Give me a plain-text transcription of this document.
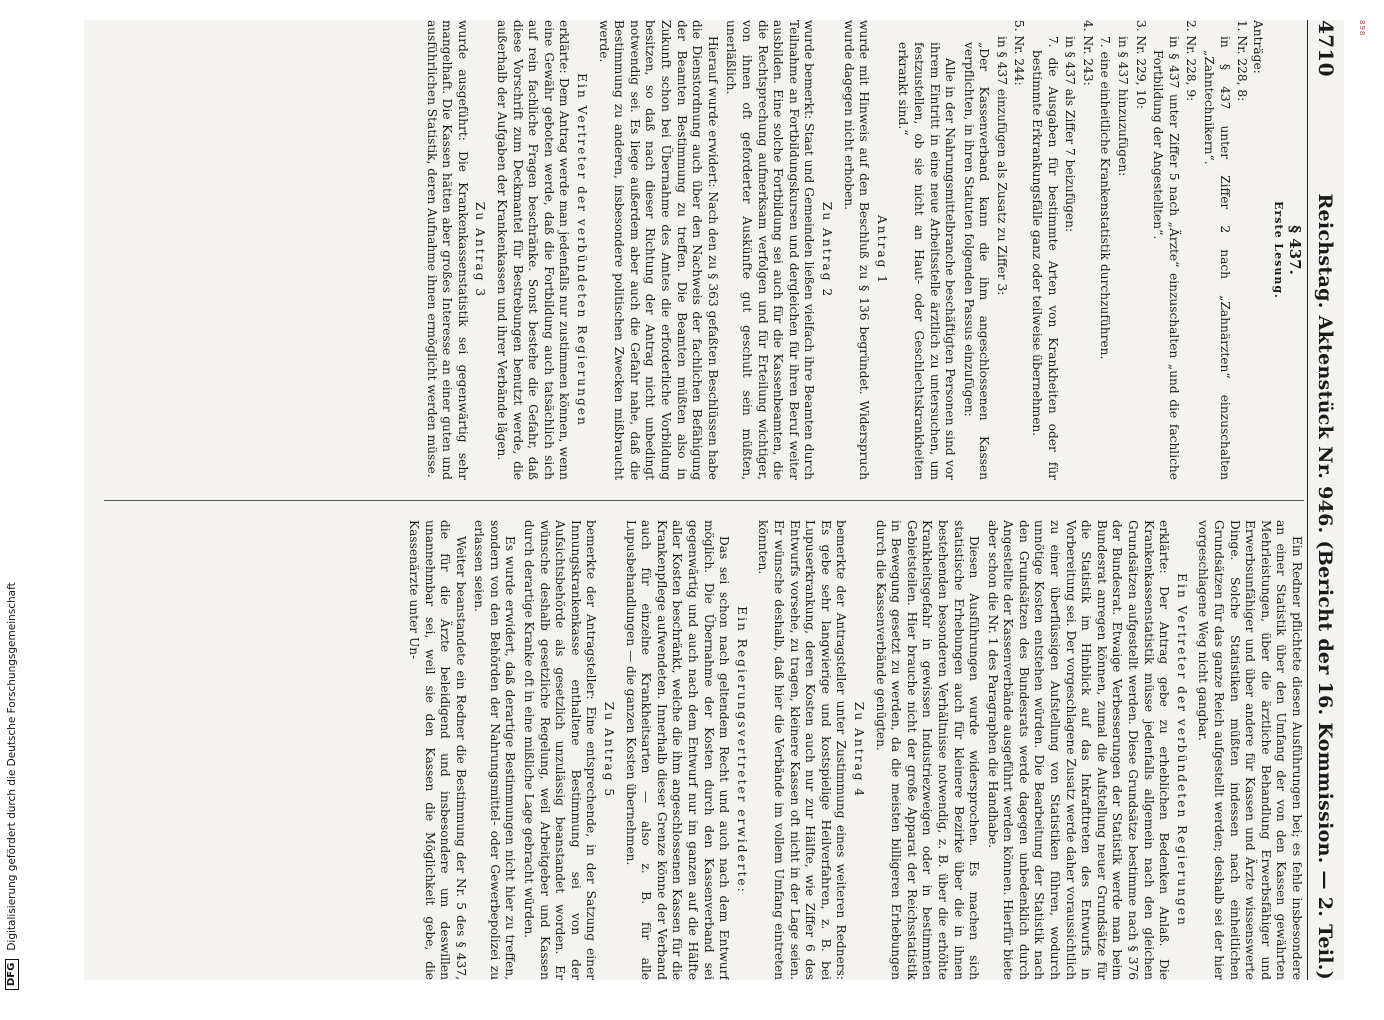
898
DFG
Digitalisierung gefördert durch die Deutsche Forschungsgemeinschaft
4710
Reichstag. Aktenstück Nr. 946. (Bericht der 16. Kommission. — 2. Teil.)
§ 437.
Erste Lesung.

Anträge:

1. Nr. 228, 8:

in § 437 unter Ziffer 2 nach „Zahnärzten“ einzuschalten „Zahntechnikern“.

2. Nr. 228, 9:

in § 437 unter Ziffer 5 nach „Ärzte“ einzuschalten „und die fachliche Fortbildung der Angestellten“.

3. Nr. 229, 10:

in § 437 hinzuzufügen:

7. eine einheitliche Krankenstatistik durchzuführen.

4. Nr. 243:

in § 437 als Ziffer 7 beizufügen:

7. die Ausgaben für bestimmte Arten von Krankheiten oder für bestimmte Erkrankungsfälle ganz oder teilweise übernehmen.

5. Nr. 244:

in § 437 einzufügen als Zusatz zu Ziffer 3:

„Der Kassenverband kann die ihm angeschlossenen Kassen verpflichten, in ihren Statuten folgenden Passus einzufügen:

Alle in der Nahrungsmittelbranche beschäftigten Personen sind vor ihrem Eintritt in eine neue Arbeitsstelle ärztlich zu untersuchen, um festzustellen, ob sie nicht an Haut- oder Geschlechtskrankheiten erkrankt sind.“

Antrag 1

wurde mit Hinweis auf den Beschluß zu § 136 begründet. Widerspruch wurde dagegen nicht erhoben.

Zu Antrag 2

wurde bemerkt: Staat und Gemeinden ließen vielfach ihre Beamten durch Teilnahme an Fortbildungskursen und dergleichen für ihren Beruf weiter ausbilden. Eine solche Fortbildung sei auch für die Kassenbeamten, die die Rechtsprechung aufmerksam verfolgen und für Erteilung wichtiger, von ihnen oft geforderter Auskünfte gut geschult sein müßten, unerläßlich.

Hierauf wurde erwidert: Nach den zu § 363 gefaßten Beschlüssen habe die Dienstordnung auch über den Nachweis der fachlichen Befähigung der Beamten Bestimmung zu treffen. Die Beamten müßten also in Zukunft schon bei Übernahme des Amtes die erforderliche Vorbildung besitzen, so daß nach dieser Richtung der Antrag nicht unbedingt notwendig sei. Es liege außerdem aber auch die Gefahr nahe, daß die Bestimmung zu anderen, insbesondere politischen Zwecken mißbraucht werde.

Ein Vertreter der verbündeten Regierungen

erklärte: Dem Antrag werde man jedenfalls nur zustimmen können, wenn eine Gewähr geboten werde, daß die Fortbildung auch tatsächlich sich auf rein fachliche Fragen beschränke. Sonst bestehe die Gefahr, daß diese Vorschrift zum Deckmantel für Bestrebungen benutzt werde, die außerhalb der Aufgaben der Krankenkassen und ihrer Verbände lägen.

Zu Antrag 3

wurde ausgeführt: Die Krankenkassenstatistik sei gegenwärtig sehr mangelhaft. Die Kassen hätten aber großes Interesse an einer guten und ausführlichen Statistik, deren Aufnahme ihnen ermöglicht werden müsse.

Ein Redner pflichtete diesen Ausführungen bei; es fehle insbesondere an einer Statistik über den Umfang der von den Kassen gewährten Mehrleistungen, über die ärztliche Behandlung Erwerbsfähiger und Erwerbsunfähiger und über andere für Kassen und Ärzte wissenswerte Dinge. Solche Statistiken müßten indessen nach einheitlichen Grundsätzen für das ganze Reich aufgestellt werden; deshalb sei der hier vorgeschlagene Weg nicht gangbar.

Ein Vertreter der verbündeten Regierungen

erklärte: Der Antrag gebe zu erheblichen Bedenken Anlaß. Die Krankenkassenstatistik müsse jedenfalls allgemein nach den gleichen Grundsätzen aufgestellt werden. Diese Grundsätze bestimme nach § 376 der Bundesrat. Etwaige Verbesserungen der Statistik werde man beim Bundesrat anregen können, zumal die Aufstellung neuer Grundsätze für die Statistik im Hinblick auf das Inkrafttreten des Entwurfs in Vorbereitung sei. Der vorgeschlagene Zusatz werde daher voraussichtlich zu einer überflüssigen Aufstellung von Statistiken führen, wodurch unnötige Kosten entstehen würden. Die Bearbeitung der Statistik nach den Grundsätzen des Bundesrats werde dagegen unbedenklich durch Angestellte der Kassenverbände ausgeführt werden können. Hierfür biete aber schon die Nr. 1 des Paragraphen die Handhabe.

Diesen Ausführungen wurde widersprochen. Es machen sich statistische Erhebungen auch für kleinere Bezirke über die in ihnen bestehenden besonderen Verhältnisse notwendig, z. B. über die erhöhte Krankheitsgefahr in gewissen Industriezweigen oder in bestimmten Gebietsteilen. Hier brauche nicht der große Apparat der Reichsstatistik in Bewegung gesetzt zu werden, da die meisten billigeren Erhebungen durch die Kassenverbände genügten.

Zu Antrag 4

bemerkte der Antragsteller unter Zustimmung eines weiteren Redners: Es gebe sehr langwierige und kostspielige Heilverfahren, z. B. bei Lupuserkrankung, deren Kosten auch nur zur Hälfte, wie Ziffer 6 des Entwurfs vorsehe, zu tragen, kleinere Kassen oft nicht in der Lage seien. Er wünsche deshalb, daß hier die Verbände im vollem Umfang eintreten könnten.

Ein Regierungsvertreter erwiderte:

Das sei schon nach geltendem Recht und auch nach dem Entwurf möglich. Die Übernahme der Kosten durch den Kassenverband sei gegenwärtig und auch nach dem Entwurf nur im ganzen auf die Hälfte aller Kosten beschränkt, welche die ihm angeschlossenen Kassen für die Krankenpflege aufwendeten. Innerhalb dieser Grenze könne der Verband auch für einzelne Krankheitsarten — also z. B. für alle Lupusbehandlungen — die ganzen Kosten übernehmen.

Zu Antrag 5

bemerkte der Antragsteller: Eine entsprechende, in der Satzung einer Innungskrankenkasse enthaltene Bestimmung sei von der Aufsichtsbehörde als gesetzlich unzulässig beanstandet worden. Er wünsche deshalb gesetzliche Regelung, weil Arbeitgeber und Kassen durch derartige Kranke oft in eine mißliche Lage gebracht würden.

Es wurde erwidert, daß derartige Bestimmungen nicht hier zu treffen, sondern von den Behörden der Nahrungsmittel- oder Gewerbepolizei zu erlassen seien.

Weiter beanstandete ein Redner die Bestimmung der Nr. 5 des § 437, die für die Ärzte beleidigend und insbesondere um deswillen unannehmbar sei, weil sie den Kassen die Möglichkeit gebe, die Kassenärzte unter Un-
